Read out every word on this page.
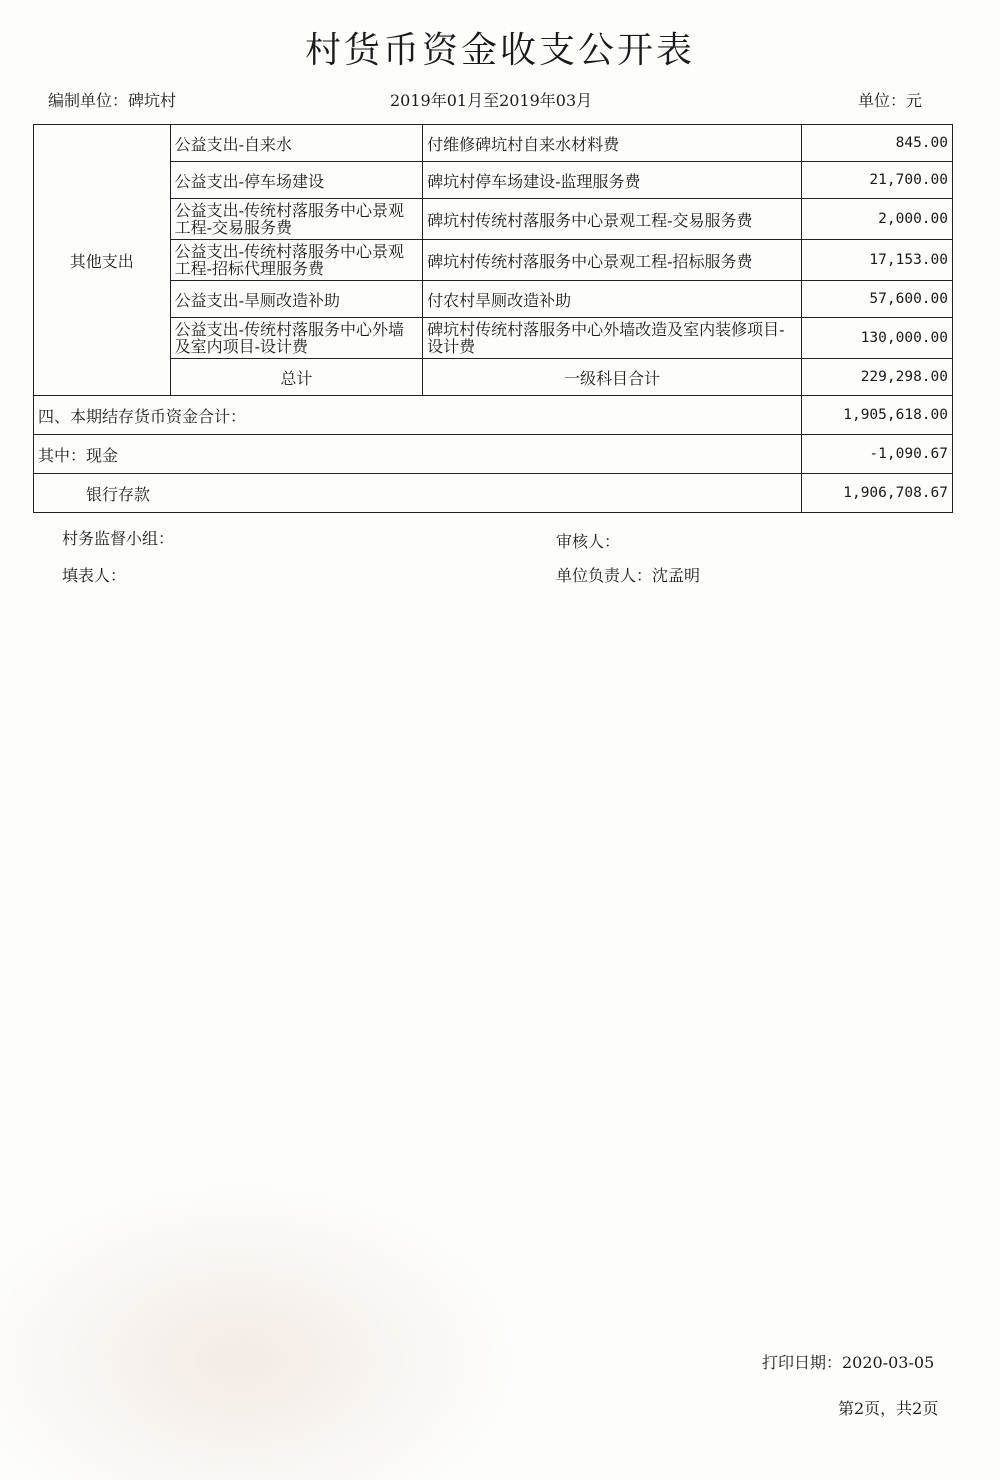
村货币资金收支公开表
编制单位：碑坑村	2019年01月至2019年03月	单位：元
其他支出	公益支出-自来水	付维修碑坑村自来水材料费	845.00
	公益支出-停车场建设	碑坑村停车场建设-监理服务费	21,700.00
	公益支出-传统村落服务中心景观工程-交易服务费	碑坑村传统村落服务中心景观工程-交易服务费	2,000.00
	公益支出-传统村落服务中心景观工程-招标代理服务费	碑坑村传统村落服务中心景观工程-招标服务费	17,153.00
	公益支出-旱厕改造补助	付农村旱厕改造补助	57,600.00
	公益支出-传统村落服务中心外墙及室内项目-设计费	碑坑村传统村落服务中心外墙改造及室内装修项目-设计费	130,000.00
	总计	一级科目合计	229,298.00
四、本期结存货币资金合计：			1,905,618.00
其中：现金			-1,090.67
银行存款			1,906,708.67
村务监督小组：
填表人：
审核人：
单位负责人：沈孟明
打印日期：2020-03-05
第2页，共2页
